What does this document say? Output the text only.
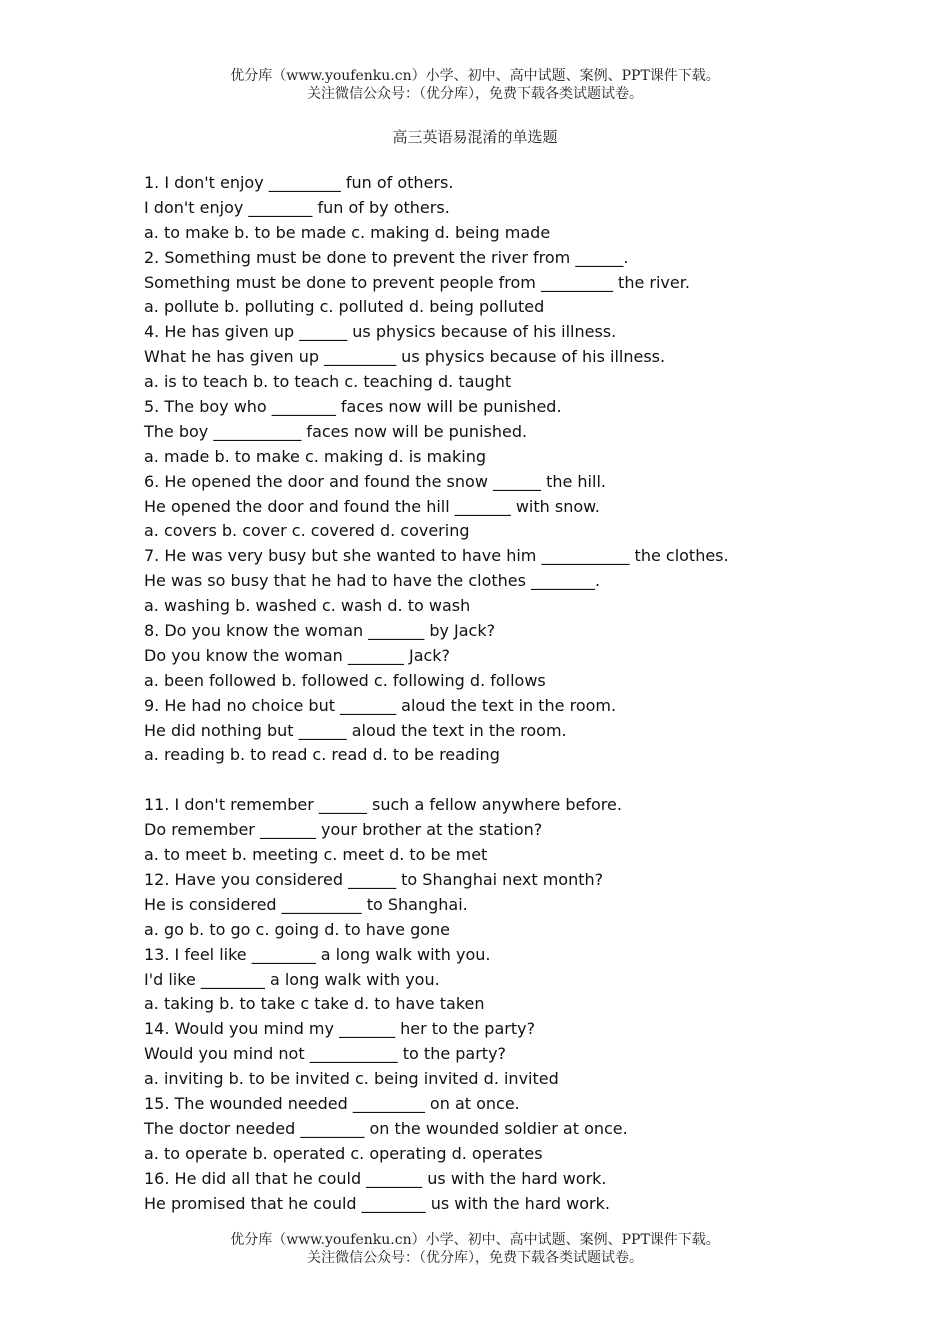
优分库（www.youfenku.cn）小学、初中、高中试题、案例、PPT课件下载。
关注微信公众号：（优分库），免费下载各类试题试卷。
高三英语易混淆的单选题
1. I don't enjoy _________ fun of others.
I don't enjoy ________ fun of by others.
a. to make b. to be made c. making d. being made
2. Something must be done to prevent the river from ______.
Something must be done to prevent people from _________ the river.
a. pollute b. polluting c. polluted d. being polluted
4. He has given up ______ us physics because of his illness.
What he has given up _________ us physics because of his illness.
a. is to teach b. to teach c. teaching d. taught
5. The boy who ________ faces now will be punished.
The boy ___________ faces now will be punished.
a. made b. to make c. making d. is making
6. He opened the door and found the snow ______ the hill.
He opened the door and found the hill _______ with snow.
a. covers b. cover c. covered d. covering
7. He was very busy but she wanted to have him ___________ the clothes.
He was so busy that he had to have the clothes ________.
a. washing b. washed c. wash d. to wash
8. Do you know the woman _______ by Jack?
Do you know the woman _______ Jack?
a. been followed b. followed c. following d. follows
9. He had no choice but _______ aloud the text in the room.
He did nothing but ______ aloud the text in the room.
a. reading b. to read c. read d. to be reading
11. I don't remember ______ such a fellow anywhere before.
Do remember _______ your brother at the station?
a. to meet b. meeting c. meet d. to be met
12. Have you considered ______ to Shanghai next month?
He is considered __________ to Shanghai.
a. go b. to go c. going d. to have gone
13. I feel like ________ a long walk with you.
I'd like ________ a long walk with you.
a. taking b. to take c take d. to have taken
14. Would you mind my _______ her to the party?
Would you mind not ___________ to the party?
a. inviting b. to be invited c. being invited d. invited
15. The wounded needed _________ on at once.
The doctor needed ________ on the wounded soldier at once.
a. to operate b. operated c. operating d. operates
16. He did all that he could _______ us with the hard work.
He promised that he could ________ us with the hard work.
优分库（www.youfenku.cn）小学、初中、高中试题、案例、PPT课件下载。
关注微信公众号：（优分库），免费下载各类试题试卷。
